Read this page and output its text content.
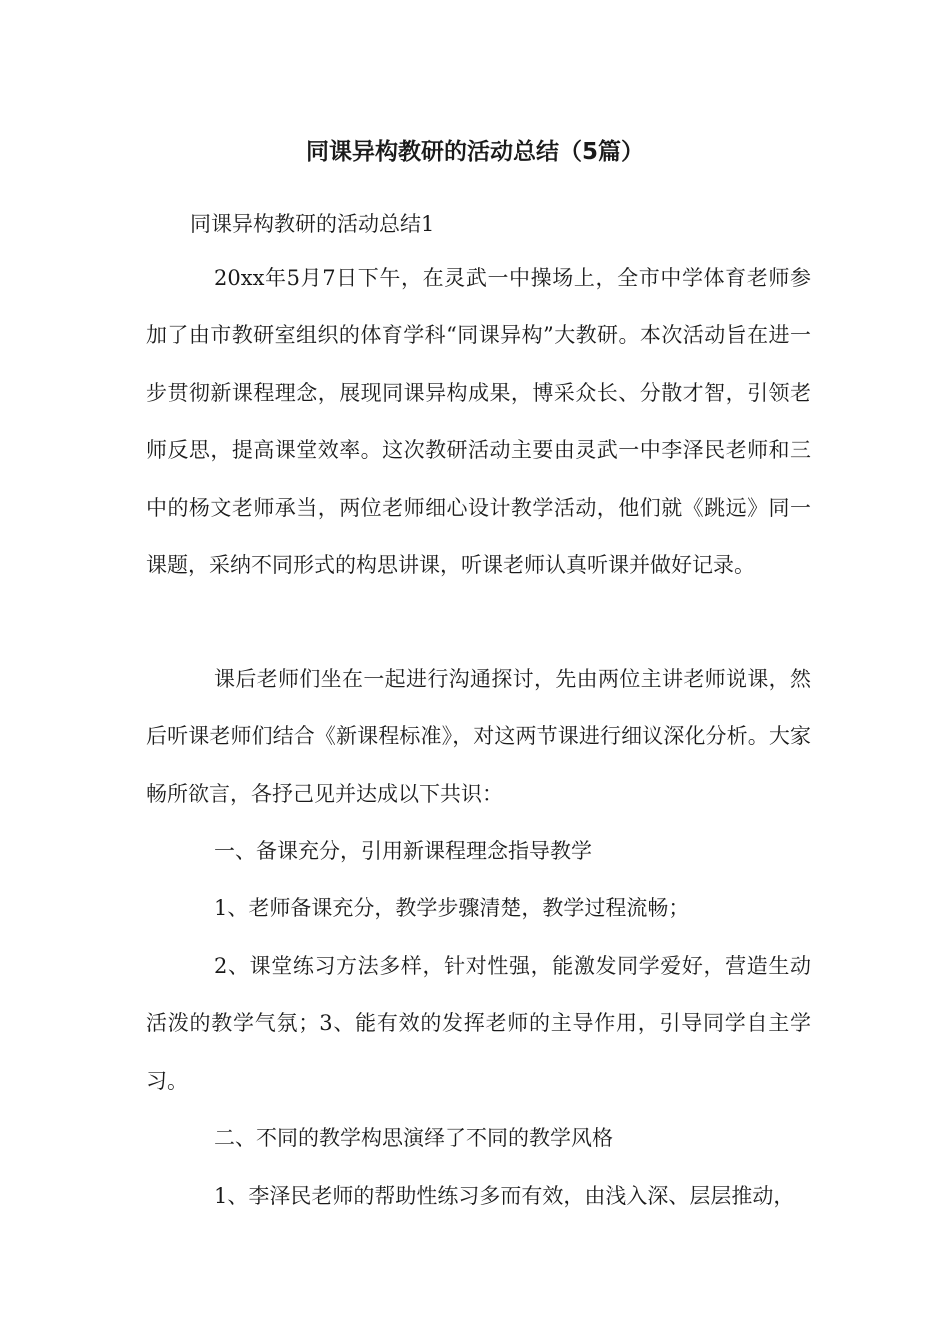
同课异构教研的活动总结（5篇）
同课异构教研的活动总结1
20xx年5月7日下午，在灵武一中操场上，全市中学体育老师参加了由市教研室组织的体育学科“同课异构”大教研。本次活动旨在进一步贯彻新课程理念，展现同课异构成果，博采众长、分散才智，引领老师反思，提高课堂效率。这次教研活动主要由灵武一中李泽民老师和三中的杨文老师承当，两位老师细心设计教学活动，他们就《跳远》同一课题，采纳不同形式的构思讲课，听课老师认真听课并做好记录。
课后老师们坐在一起进行沟通探讨，先由两位主讲老师说课，然后听课老师们结合《新课程标准》，对这两节课进行细议深化分析。大家畅所欲言，各抒己见并达成以下共识：
一、备课充分，引用新课程理念指导教学
1、老师备课充分，教学步骤清楚，教学过程流畅；
2、课堂练习方法多样，针对性强，能激发同学爱好，营造生动活泼的教学气氛；3、能有效的发挥老师的主导作用，引导同学自主学习。
二、不同的教学构思演绎了不同的教学风格
1、李泽民老师的帮助性练习多而有效，由浅入深、层层推动，
